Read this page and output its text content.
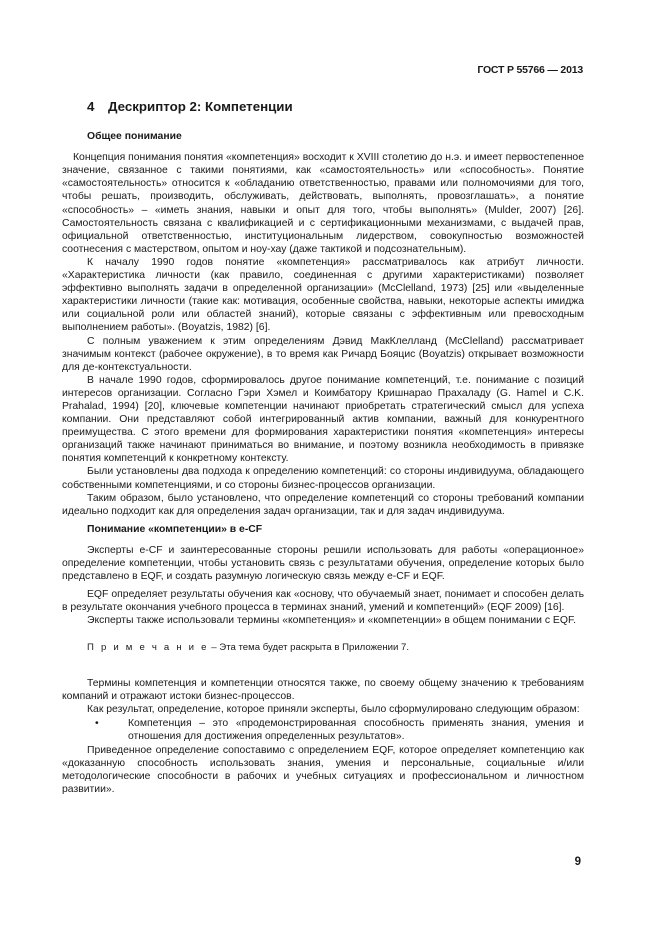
ГОСТ Р 55766 — 2013
4 Дескриптор 2: Компетенции
Общее понимание

Концепция понимания понятия «компетенция» восходит к XVIII столетию до н.э. и имеет первостепенное значение, связанное с такими понятиями, как «самостоятельность» или «способность». Понятие «самостоятельность» относится к «обладанию ответственностью, правами или полномочиями для того, чтобы решать, производить, обслуживать, действовать, выполнять, провозглашать», а понятие «способность» – «иметь знания, навыки и опыт для того, чтобы выполнять» (Mulder, 2007) [26]. Самостоятельность связана с квалификацией и с сертификационными механизмами, с выдачей прав, официальной ответственностью, институциональным лидерством, совокупностью возможностей соотнесения с мастерством, опытом и ноу-хау (даже тактикой и подсознательным).

К началу 1990 годов понятие «компетенция» рассматривалось как атрибут личности. «Характеристика личности (как правило, соединенная с другими характеристиками) позволяет эффективно выполнять задачи в определенной организации» (McClelland, 1973) [25] или «выделенные характеристики личности (такие как: мотивация, особенные свойства, навыки, некоторые аспекты имиджа или социальной роли или областей знаний), которые связаны с эффективным или превосходным выполнением работы». (Boyatzis, 1982) [6].

С полным уважением к этим определениям Дэвид МакКлелланд (McClelland) рассматривает значимым контекст (рабочее окружение), в то время как Ричард Бояцис (Boyatzis) открывает возможности для де-контекстуальности.

В начале 1990 годов, сформировалось другое понимание компетенций, т.е. понимание с позиций интересов организации. Согласно Гэри Хэмел и Коимбатору Кришнарао Прахаладу (G. Hamel и C.K. Prahalad, 1994) [20], ключевые компетенции начинают приобретать стратегический смысл для успеха компании. Они представляют собой интегрированный актив компании, важный для конкурентного преимущества. С этого времени для формирования характеристики понятия «компетенция» интересы организаций также начинают приниматься во внимание, и поэтому возникла необходимость в привязке понятия компетенций к конкретному контексту.

Были установлены два подхода к определению компетенций: со стороны индивидуума, обладающего собственными компетенциями, и со стороны бизнес-процессов организации.

Таким образом, было установлено, что определение компетенций со стороны требований компании идеально подходит как для определения задач организации, так и для задач индивидуума.

Понимание «компетенции» в e-CF

Эксперты e-CF и заинтересованные стороны решили использовать для работы «операционное» определение компетенции, чтобы установить связь с результатами обучения, определение которых было представлено в EQF, и создать разумную логическую связь между e-CF и EQF.

EQF определяет результаты обучения как «основу, что обучаемый знает, понимает и способен делать в результате окончания учебного процесса в терминах знаний, умений и компетенций» (EQF 2009) [16].

Эксперты также использовали термины «компетенция» и «компетенции» в общем понимании с EQF.

П р и м е ч а н и е – Эта тема будет раскрыта в Приложении 7.

Термины компетенция и компетенции относятся также, по своему общему значению к требованиям компаний и отражают истоки бизнес-процессов.

Как результат, определение, которое приняли эксперты, было сформулировано следующим образом:

•	Компетенция – это «продемонстрированная способность применять знания, умения и отношения для достижения определенных результатов».

Приведенное определение сопоставимо с определением EQF, которое определяет компетенцию как «доказанную способность использовать знания, умения и персональные, социальные и/или методологические способности в рабочих и учебных ситуациях и профессиональном и личностном развитии».

9
